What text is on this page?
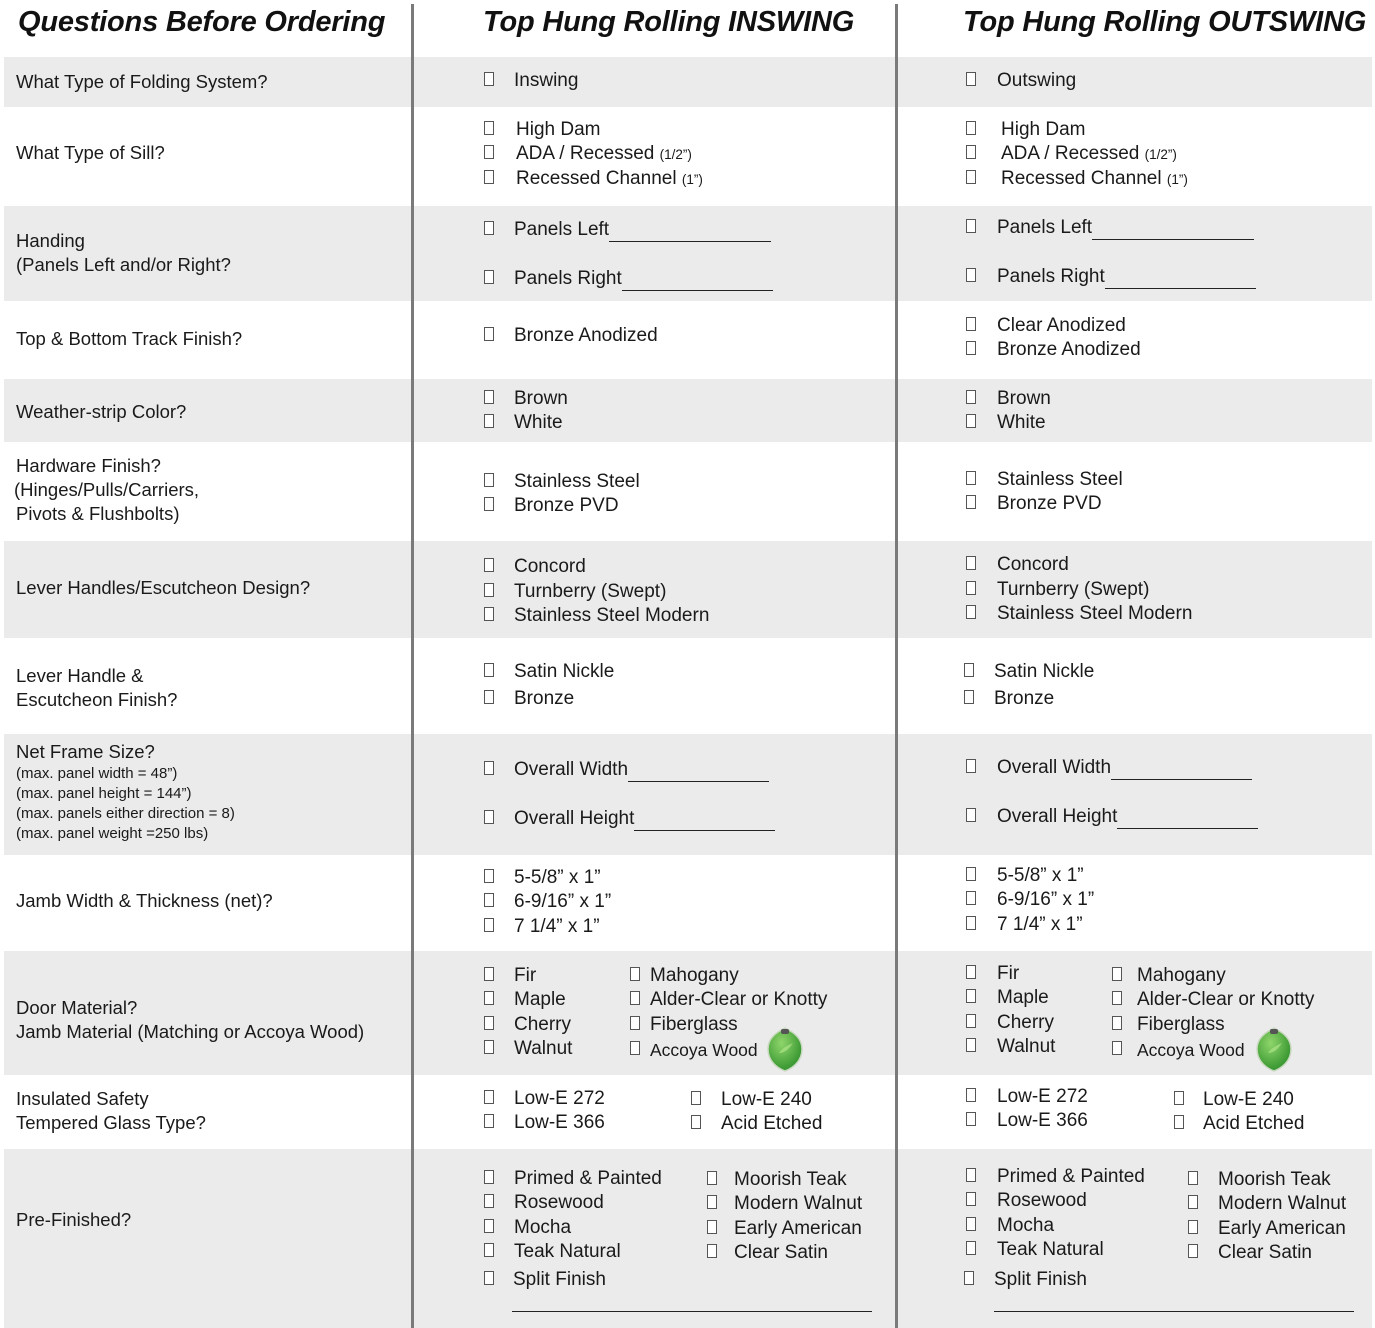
Questions Before Ordering	Top Hung Rolling INSWING	Top Hung Rolling OUTSWING
What Type of Folding System?
What Type of Sill?
Handing
(Panels Left and/or Right?
Top & Bottom Track Finish?
Weather-strip Color?
Hardware Finish?
(Hinges/Pulls/Carriers,
Pivots & Flushbolts)
Lever Handles/Escutcheon Design?
Lever Handle &
Escutcheon Finish?
Net Frame Size?
(max. panel width = 48”)
(max. panel height = 144”)
(max. panels either direction = 8)
(max. panel weight =250 lbs)
Jamb Width & Thickness (net)?
Door Material?
Jamb Material (Matching or Accoya Wood)
Insulated Safety
Tempered Glass Type?
Pre-Finished?
Inswing
High Dam
ADA / Recessed (1/2”)
Recessed Channel (1”)
Panels Left
Panels Right
Bronze Anodized
Brown
White
Stainless Steel
Bronze PVD
Concord
Turnberry (Swept)
Stainless Steel Modern
Satin Nickle
Bronze
Overall Width
Overall Height
5-5/8” x 1”
6-9/16” x 1”
7 1/4” x 1”
Fir
Maple
Cherry
Walnut
Mahogany
Alder-Clear or Knotty
Fiberglass
Accoya Wood
Low-E 272
Low-E 366
Low-E 240
Acid Etched
Primed & Painted
Rosewood
Mocha
Teak Natural
Split Finish
Moorish Teak
Modern Walnut
Early American
Clear Satin
Outswing
High Dam
ADA / Recessed (1/2”)
Recessed Channel (1”)
Panels Left
Panels Right
Clear Anodized
Bronze Anodized
Brown
White
Stainless Steel
Bronze PVD
Concord
Turnberry (Swept)
Stainless Steel Modern
Satin Nickle
Bronze
Overall Width
Overall Height
5-5/8” x 1”
6-9/16” x 1”
7 1/4” x 1”
Fir
Maple
Cherry
Walnut
Mahogany
Alder-Clear or Knotty
Fiberglass
Accoya Wood
Low-E 272
Low-E 366
Low-E 240
Acid Etched
Primed & Painted
Rosewood
Mocha
Teak Natural
Split Finish
Moorish Teak
Modern Walnut
Early American
Clear Satin
